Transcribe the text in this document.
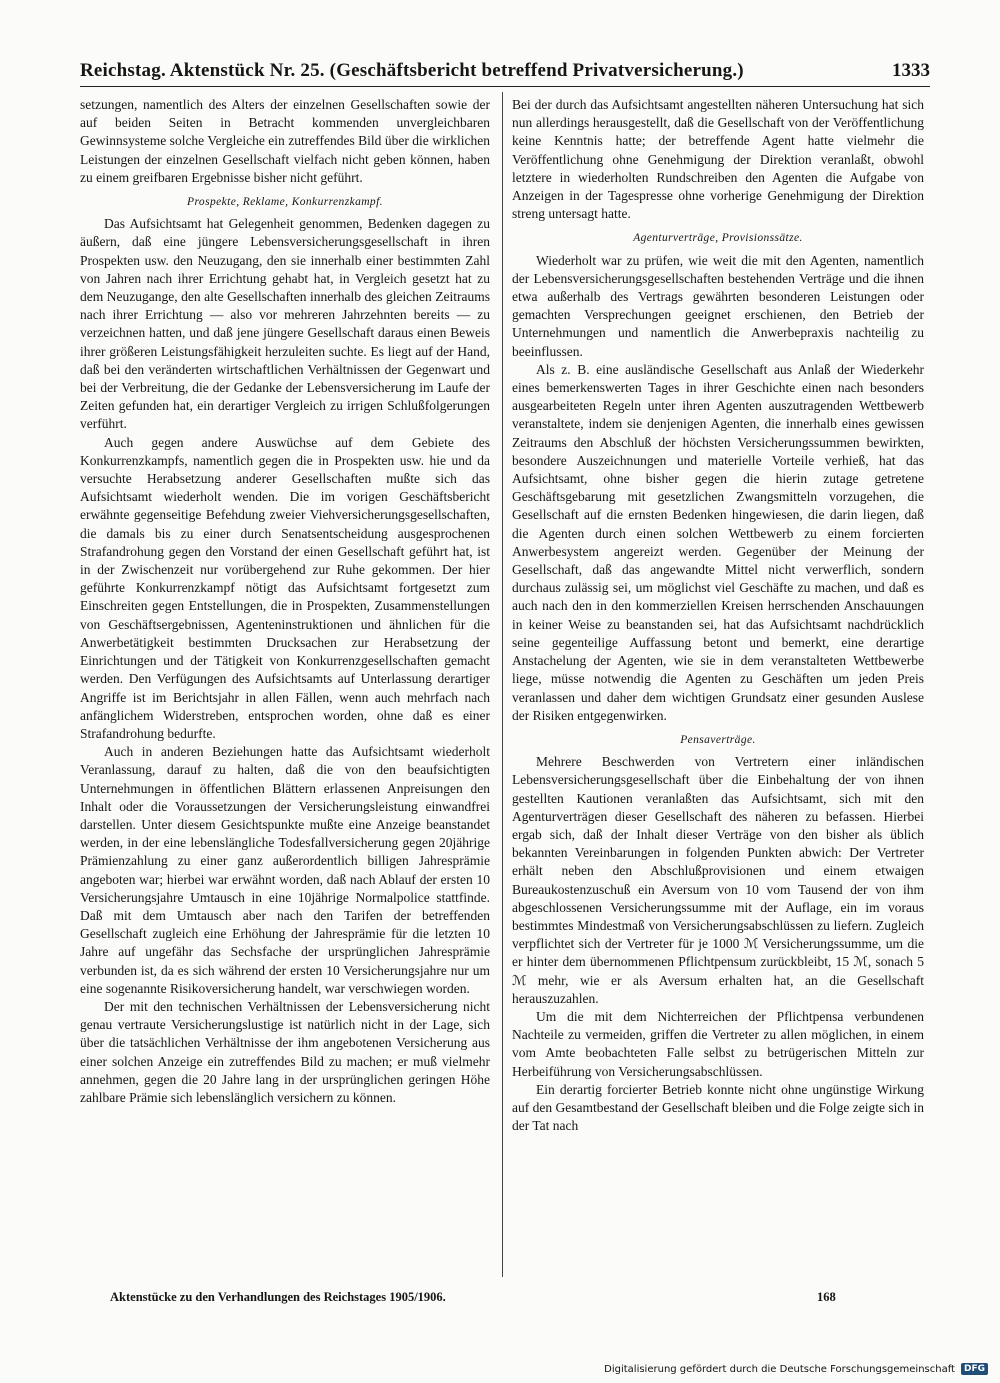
Reichstag. Aktenstück Nr. 25. (Geschäftsbericht betreffend Privatversicherung.)	1333

setzungen, namentlich des Alters der einzelnen Gesellschaften sowie der auf beiden Seiten in Betracht kommenden unvergleichbaren Gewinnsysteme solche Vergleiche ein zutreffendes Bild über die wirklichen Leistungen der einzelnen Gesellschaft vielfach nicht geben können, haben zu einem greifbaren Ergebnisse bisher nicht geführt.

Prospekte, Reklame, Konkurrenzkampf.

Das Aufsichtsamt hat Gelegenheit genommen, Bedenken dagegen zu äußern, daß eine jüngere Lebensversicherungsgesellschaft in ihren Prospekten usw. den Neuzugang, den sie innerhalb einer bestimmten Zahl von Jahren nach ihrer Errichtung gehabt hat, in Vergleich gesetzt hat zu dem Neuzugange, den alte Gesellschaften innerhalb des gleichen Zeitraums nach ihrer Errichtung — also vor mehreren Jahrzehnten bereits — zu verzeichnen hatten, und daß jene jüngere Gesellschaft daraus einen Beweis ihrer größeren Leistungsfähigkeit herzuleiten suchte. Es liegt auf der Hand, daß bei den veränderten wirtschaftlichen Verhältnissen der Gegenwart und bei der Verbreitung, die der Gedanke der Lebensversicherung im Laufe der Zeiten gefunden hat, ein derartiger Vergleich zu irrigen Schlußfolgerungen verführt.

Auch gegen andere Auswüchse auf dem Gebiete des Konkurrenzkampfs, namentlich gegen die in Prospekten usw. hie und da versuchte Herabsetzung anderer Gesellschaften mußte sich das Aufsichtsamt wiederholt wenden. Die im vorigen Geschäftsbericht erwähnte gegenseitige Befehdung zweier Viehversicherungsgesellschaften, die damals bis zu einer durch Senatsentscheidung ausgesprochenen Strafandrohung gegen den Vorstand der einen Gesellschaft geführt hat, ist in der Zwischenzeit nur vorübergehend zur Ruhe gekommen. Der hier geführte Konkurrenzkampf nötigt das Aufsichtsamt fortgesetzt zum Einschreiten gegen Entstellungen, die in Prospekten, Zusammenstellungen von Geschäftsergebnissen, Agenteninstruktionen und ähnlichen für die Anwerbetätigkeit bestimmten Drucksachen zur Herabsetzung der Einrichtungen und der Tätigkeit von Konkurrenzgesellschaften gemacht werden. Den Verfügungen des Aufsichtsamts auf Unterlassung derartiger Angriffe ist im Berichtsjahr in allen Fällen, wenn auch mehrfach nach anfänglichem Widerstreben, entsprochen worden, ohne daß es einer Strafandrohung bedurfte.

Auch in anderen Beziehungen hatte das Aufsichtsamt wiederholt Veranlassung, darauf zu halten, daß die von den beaufsichtigten Unternehmungen in öffentlichen Blättern erlassenen Anpreisungen den Inhalt oder die Voraussetzungen der Versicherungsleistung einwandfrei darstellen. Unter diesem Gesichtspunkte mußte eine Anzeige beanstandet werden, in der eine lebenslängliche Todesfallversicherung gegen 20jährige Prämienzahlung zu einer ganz außerordentlich billigen Jahresprämie angeboten war; hierbei war erwähnt worden, daß nach Ablauf der ersten 10 Versicherungsjahre Umtausch in eine 10jährige Normalpolice stattfinde. Daß mit dem Umtausch aber nach den Tarifen der betreffenden Gesellschaft zugleich eine Erhöhung der Jahresprämie für die letzten 10 Jahre auf ungefähr das Sechsfache der ursprünglichen Jahresprämie verbunden ist, da es sich während der ersten 10 Versicherungsjahre nur um eine sogenannte Risikoversicherung handelt, war verschwiegen worden.

Der mit den technischen Verhältnissen der Lebensversicherung nicht genau vertraute Versicherungslustige ist natürlich nicht in der Lage, sich über die tatsächlichen Verhältnisse der ihm angebotenen Versicherung aus einer solchen Anzeige ein zutreffendes Bild zu machen; er muß vielmehr annehmen, gegen die 20 Jahre lang in der ursprünglichen geringen Höhe zahlbare Prämie sich lebenslänglich versichern zu können.

Bei der durch das Aufsichtsamt angestellten näheren Untersuchung hat sich nun allerdings herausgestellt, daß die Gesellschaft von der Veröffentlichung keine Kenntnis hatte; der betreffende Agent hatte vielmehr die Veröffentlichung ohne Genehmigung der Direktion veranlaßt, obwohl letztere in wiederholten Rundschreiben den Agenten die Aufgabe von Anzeigen in der Tagespresse ohne vorherige Genehmigung der Direktion streng untersagt hatte.

Agenturverträge, Provisionssätze.

Wiederholt war zu prüfen, wie weit die mit den Agenten, namentlich der Lebensversicherungsgesellschaften bestehenden Verträge und die ihnen etwa außerhalb des Vertrags gewährten besonderen Leistungen oder gemachten Versprechungen geeignet erschienen, den Betrieb der Unternehmungen und namentlich die Anwerbepraxis nachteilig zu beeinflussen.

Als z. B. eine ausländische Gesellschaft aus Anlaß der Wiederkehr eines bemerkenswerten Tages in ihrer Geschichte einen nach besonders ausgearbeiteten Regeln unter ihren Agenten auszutragenden Wettbewerb veranstaltete, indem sie denjenigen Agenten, die innerhalb eines gewissen Zeitraums den Abschluß der höchsten Versicherungssummen bewirkten, besondere Auszeichnungen und materielle Vorteile verhieß, hat das Aufsichtsamt, ohne bisher gegen die hierin zutage getretene Geschäftsgebarung mit gesetzlichen Zwangsmitteln vorzugehen, die Gesellschaft auf die ernsten Bedenken hingewiesen, die darin liegen, daß die Agenten durch einen solchen Wettbewerb zu einem forcierten Anwerbesystem angereizt werden. Gegenüber der Meinung der Gesellschaft, daß das angewandte Mittel nicht verwerflich, sondern durchaus zulässig sei, um möglichst viel Geschäfte zu machen, und daß es auch nach den in den kommerziellen Kreisen herrschenden Anschauungen in keiner Weise zu beanstanden sei, hat das Aufsichtsamt nachdrücklich seine gegenteilige Auffassung betont und bemerkt, eine derartige Anstachelung der Agenten, wie sie in dem veranstalteten Wettbewerbe liege, müsse notwendig die Agenten zu Geschäften um jeden Preis veranlassen und daher dem wichtigen Grundsatz einer gesunden Auslese der Risiken entgegenwirken.

Pensaverträge.

Mehrere Beschwerden von Vertretern einer inländischen Lebensversicherungsgesellschaft über die Einbehaltung der von ihnen gestellten Kautionen veranlaßten das Aufsichtsamt, sich mit den Agenturverträgen dieser Gesellschaft des näheren zu befassen. Hierbei ergab sich, daß der Inhalt dieser Verträge von den bisher als üblich bekannten Vereinbarungen in folgenden Punkten abwich: Der Vertreter erhält neben den Abschlußprovisionen und einem etwaigen Bureaukostenzuschuß ein Aversum von 10 vom Tausend der von ihm abgeschlossenen Versicherungssumme mit der Auflage, ein im voraus bestimmtes Mindestmaß von Versicherungsabschlüssen zu liefern. Zugleich verpflichtet sich der Vertreter für je 1000 ℳ Versicherungssumme, um die er hinter dem übernommenen Pflichtpensum zurückbleibt, 15 ℳ, sonach 5 ℳ mehr, wie er als Aversum erhalten hat, an die Gesellschaft herauszuzahlen.

Um die mit dem Nichterreichen der Pflichtpensa verbundenen Nachteile zu vermeiden, griffen die Vertreter zu allen möglichen, in einem vom Amte beobachteten Falle selbst zu betrügerischen Mitteln zur Herbeiführung von Versicherungsabschlüssen.

Ein derartig forcierter Betrieb konnte nicht ohne ungünstige Wirkung auf den Gesamtbestand der Gesellschaft bleiben und die Folge zeigte sich in der Tat nach

Aktenstücke zu den Verhandlungen des Reichstages 1905/1906.	168
Digitalisierung gefördert durch die Deutsche Forschungsgemeinschaft	DFG
